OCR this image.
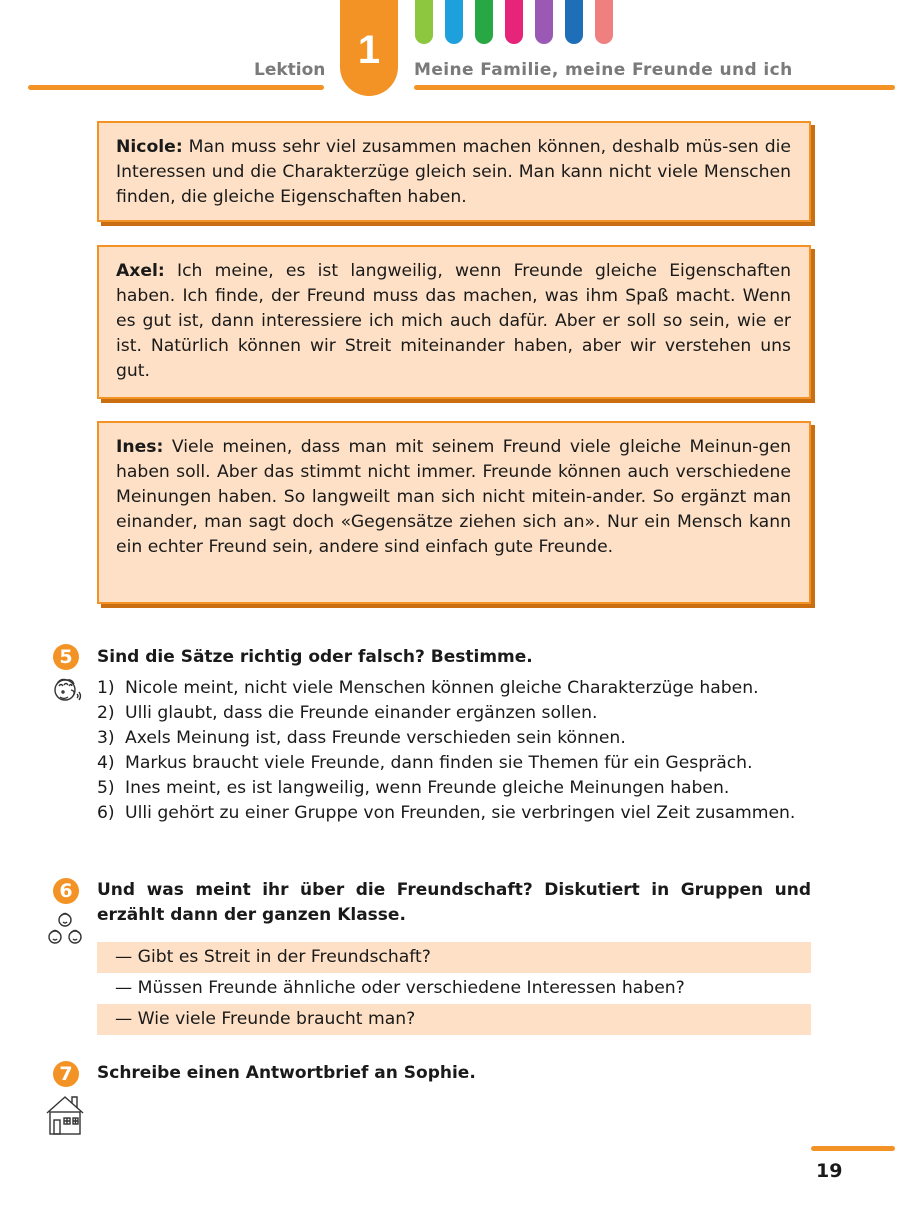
1
Lektion	Meine Familie, meine Freunde und ich
Nicole: Man muss sehr viel zusammen machen können, deshalb müs-sen die Interessen und die Charakterzüge gleich sein. Man kann nicht viele Menschen finden, die gleiche Eigenschaften haben.
Axel: Ich meine, es ist langweilig, wenn Freunde gleiche Eigenschaften haben. Ich finde, der Freund muss das machen, was ihm Spaß macht. Wenn es gut ist, dann interessiere ich mich auch dafür. Aber er soll so sein, wie er ist. Natürlich können wir Streit miteinander haben, aber wir verstehen uns gut.
Ines: Viele meinen, dass man mit seinem Freund viele gleiche Meinun-gen haben soll. Aber das stimmt nicht immer. Freunde können auch verschiedene Meinungen haben. So langweilt man sich nicht mitein-ander. So ergänzt man einander, man sagt doch «Gegensätze ziehen sich an». Nur ein Mensch kann ein echter Freund sein, andere sind einfach gute Freunde.
5	Sind die Sätze richtig oder falsch? Bestimme.
1) Nicole meint, nicht viele Menschen können gleiche Charakterzüge haben.
2) Ulli glaubt, dass die Freunde einander ergänzen sollen.
3) Axels Meinung ist, dass Freunde verschieden sein können.
4) Markus braucht viele Freunde, dann finden sie Themen für ein Gespräch.
5) Ines meint, es ist langweilig, wenn Freunde gleiche Meinungen haben.
6) Ulli gehört zu einer Gruppe von Freunden, sie verbringen viel Zeit zusammen.
6	Und was meint ihr über die Freundschaft? Diskutiert in Gruppen und erzählt dann der ganzen Klasse.
— Gibt es Streit in der Freundschaft?
— Müssen Freunde ähnliche oder verschiedene Interessen haben?
— Wie viele Freunde braucht man?
7	Schreibe einen Antwortbrief an Sophie.
19
